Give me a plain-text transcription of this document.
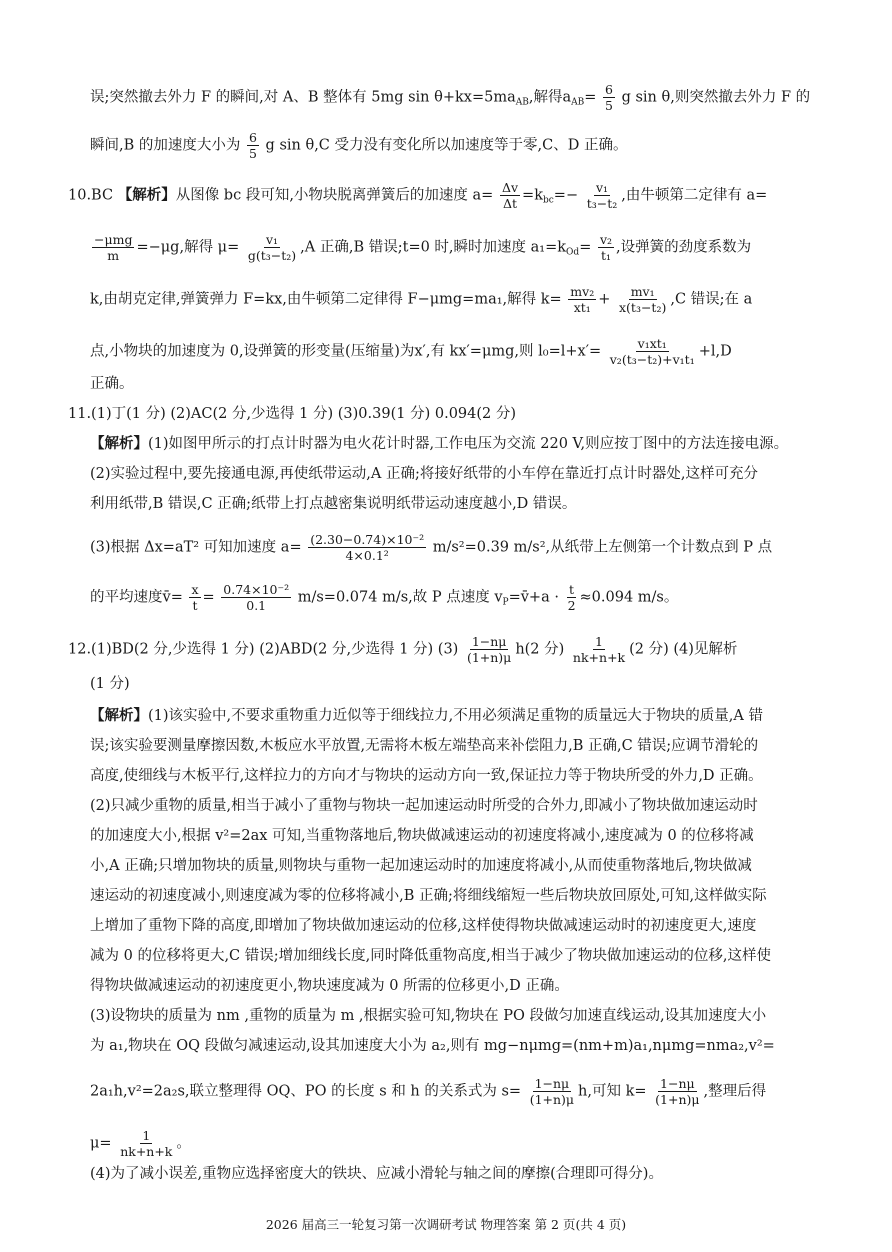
误;突然撤去外力 F 的瞬间,对 A、B 整体有 5mg $\sin \theta+kx=5ma_{AB}$,解得$a_{AB}= \frac{6}{5}$ g sin θ,则突然撤去外力 F 的
瞬间,B 的加速度大小为 $\frac{6}{5}$ g sin θ,C 受力没有变化所以加速度等于零,C、D 正确。
10.BC 【解析】从图像 bc 段可知,小物块脱离弹簧后的加速度 $a= \frac{\Delta v}{\Delta t} =k_{bc}=- \frac{\text{v₁}}{\text{t₃−t₂}}$ ,由牛顿第二定律有 a=
$\frac{\text{−μmg}}{m} =-\mu g$,解得 $\mu= \frac{\text{v₁}}{\text{g(t₃−t₂)}} ,A$ 正确,B 错误;t=0 时,瞬时加速度 $a_1=k_{Od}= \frac{\text{v₂}}{\text{t₁}}$ ,设弹簧的劲度系数为
k,由胡克定律,弹簧弹力 F=kx,由牛顿第二定律得 F−μmg=ma₁,解得 $k= \frac{\text{mv₂}}{\text{xt₁}} + \frac{\text{mv₁}}{\text{x(t₃−t₂)}} ,C$ 错误;在 a
点,小物块的加速度为 0,设弹簧的形变量(压缩量)为x′,有 kx′=μmg,则 $l_0=l+x'= \frac{\text{v₁xt₁}}{\text{v₂(t₃−t₂)+v₁t₁}} +l,D$
正确。
11.(1)丁(1 分) (2)AC(2 分,少选得 1 分) (3)0.39(1 分) 0.094(2 分)
【解析】(1)如图甲所示的打点计时器为电火花计时器,工作电压为交流 220 V,则应按丁图中的方法连接电源。
(2)实验过程中,要先接通电源,再使纸带运动,A 正确;将接好纸带的小车停在靠近打点计时器处,这样可充分
利用纸带,B 错误,C 正确;纸带上打点越密集说明纸带运动速度越小,D 错误。
(3)根据 Δx=aT² 可知加速度 $a= \frac{\text{(2.30−0.74)×10⁻²}}{\text{4×0.1²}} m/s^2=0.39$ m/s²,从纸带上左侧第一个计数点到 P 点
的平均速度v̄= $\frac{x}{t} = \frac{\text{0.74×10⁻²}}{0.1} m/s=0.074$ m/s,故 P 点速度 $v_P=v̄+a \cdot \frac{t}{2} \approx 0.094$ m/s。
12.(1)BD(2 分,少选得 1 分) (2)ABD(2 分,少选得 1 分) $(3) \frac{1-n\mu}{(1+n)\mu} h(2$ 分) $\frac{1}{nk+n+k} (2$ 分) (4)见解析
(1 分)
【解析】(1)该实验中,不要求重物重力近似等于细线拉力,不用必须满足重物的质量远大于物块的质量,A 错
误;该实验要测量摩擦因数,木板应水平放置,无需将木板左端垫高来补偿阻力,B 正确,C 错误;应调节滑轮的
高度,使细线与木板平行,这样拉力的方向才与物块的运动方向一致,保证拉力等于物块所受的外力,D 正确。
(2)只减少重物的质量,相当于减小了重物与物块一起加速运动时所受的合外力,即减小了物块做加速运动时
的加速度大小,根据 v²=2ax 可知,当重物落地后,物块做减速运动的初速度将减小,速度减为 0 的位移将减
小,A 正确;只增加物块的质量,则物块与重物一起加速运动时的加速度将减小,从而使重物落地后,物块做减
速运动的初速度减小,则速度减为零的位移将减小,B 正确;将细线缩短一些后物块放回原处,可知,这样做实际
上增加了重物下降的高度,即增加了物块做加速运动的位移,这样使得物块做减速运动时的初速度更大,速度
减为 0 的位移将更大,C 错误;增加细线长度,同时降低重物高度,相当于减少了物块做加速运动的位移,这样使
得物块做减速运动的初速度更小,物块速度减为 0 所需的位移更小,D 正确。
(3)设物块的质量为 nm ,重物的质量为 m ,根据实验可知,物块在 PO 段做匀加速直线运动,设其加速度大小
为 a₁,物块在 OQ 段做匀减速运动,设其加速度大小为 a₂,则有 mg−nμmg=(nm+m)a₁,nμmg=nma₂,v²=
2a₁h,v²=2a₂s,联立整理得 OQ、PO 的长度 s 和 h 的关系式为 $s= \frac{1-n\mu}{(1+n)\mu} h$,可知 $k= \frac{1-n\mu}{(1+n)\mu}$ ,整理后得
$\mu= \frac{1}{nk+n+k}$ 。
(4)为了减小误差,重物应选择密度大的铁块、应减小滑轮与轴之间的摩擦(合理即可得分)。
2026 届高三一轮复习第一次调研考试 物理答案 第 2 页(共 4 页)
